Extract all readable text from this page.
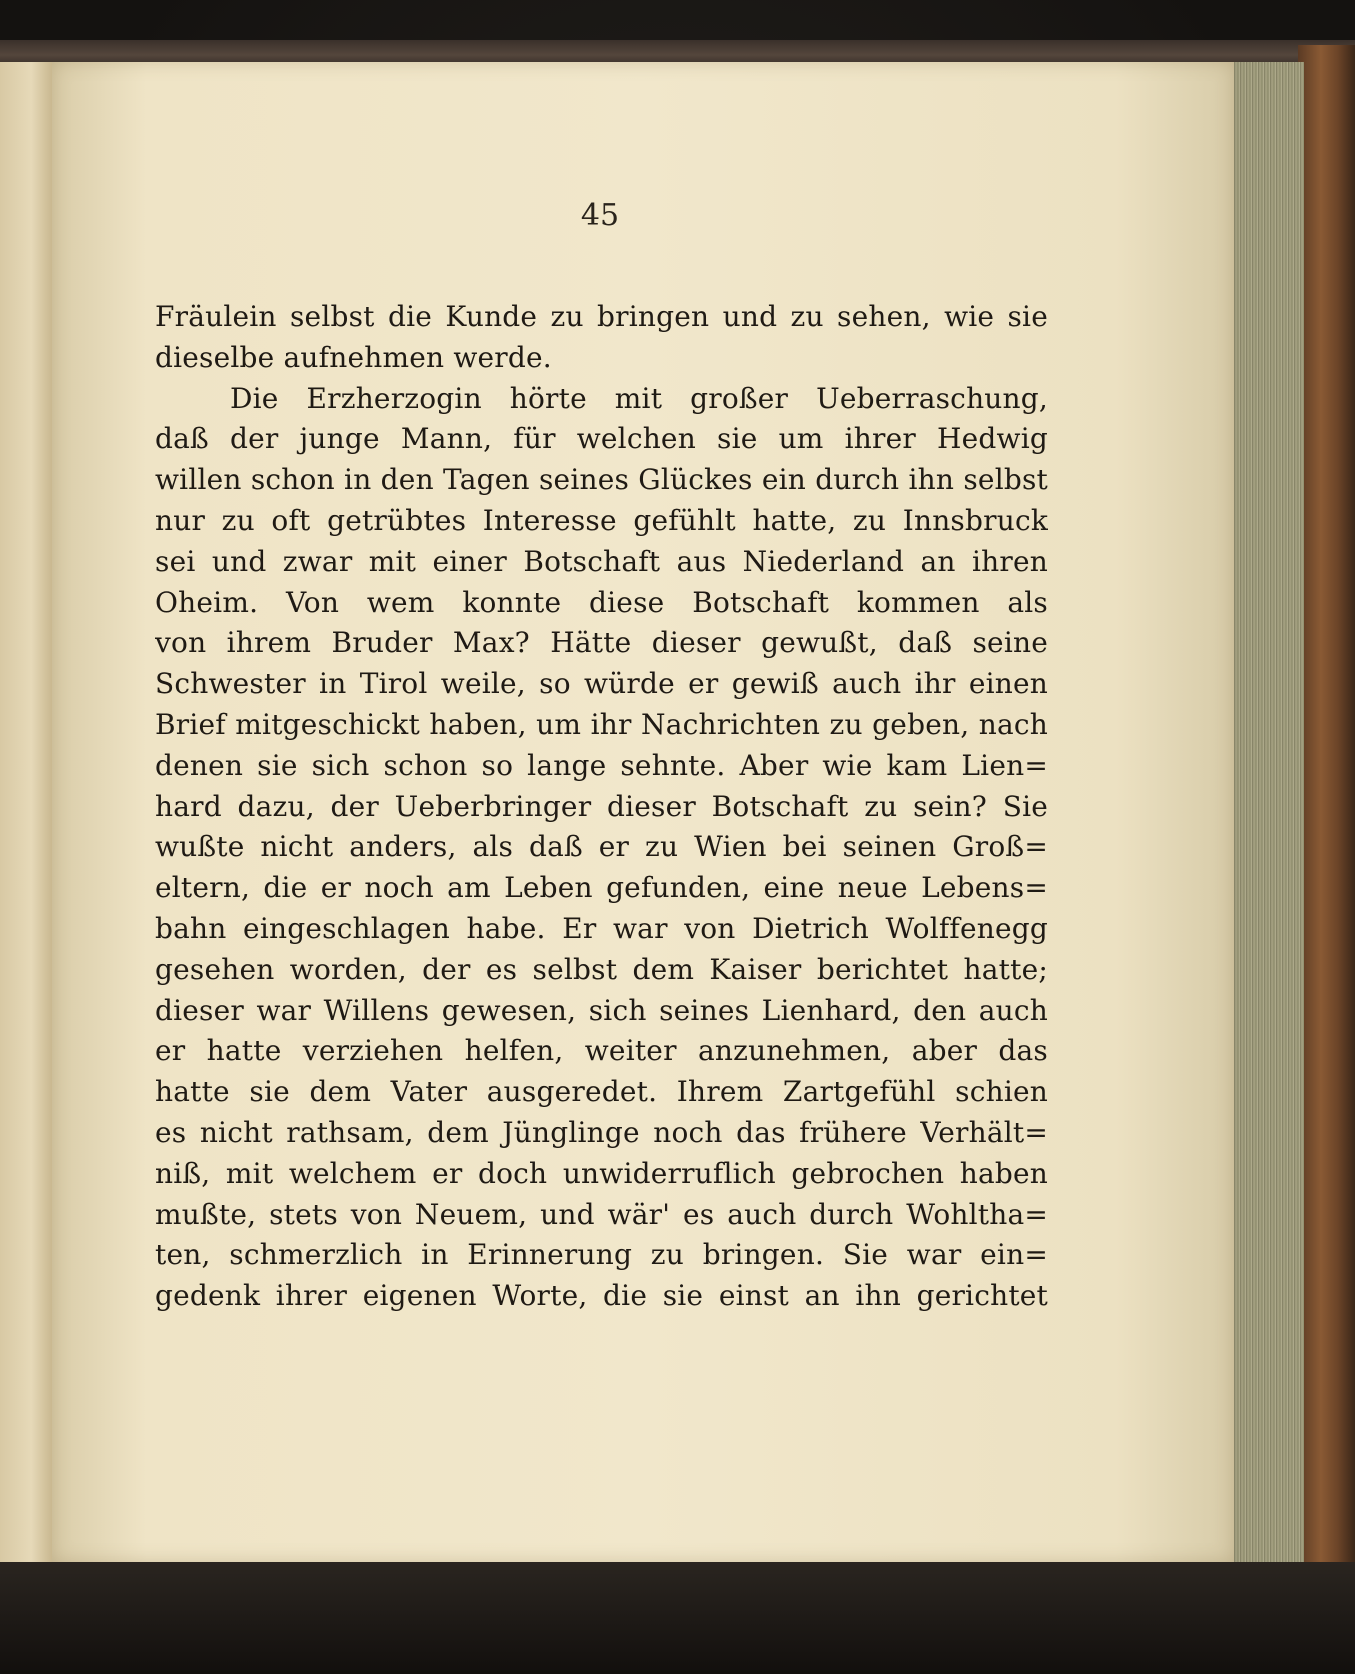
45
Fräulein selbst die Kunde zu bringen und zu sehen, wie sie
dieselbe aufnehmen werde.
Die Erzherzogin hörte mit großer Ueberraschung,
daß der junge Mann, für welchen sie um ihrer Hedwig
willen schon in den Tagen seines Glückes ein durch ihn selbst
nur zu oft getrübtes Interesse gefühlt hatte, zu Innsbruck
sei und zwar mit einer Botschaft aus Niederland an ihren
Oheim. Von wem konnte diese Botschaft kommen als
von ihrem Bruder Max? Hätte dieser gewußt, daß seine
Schwester in Tirol weile, so würde er gewiß auch ihr einen
Brief mitgeschickt haben, um ihr Nachrichten zu geben, nach
denen sie sich schon so lange sehnte. Aber wie kam Lien=
hard dazu, der Ueberbringer dieser Botschaft zu sein? Sie
wußte nicht anders, als daß er zu Wien bei seinen Groß=
eltern, die er noch am Leben gefunden, eine neue Lebens=
bahn eingeschlagen habe. Er war von Dietrich Wolffenegg
gesehen worden, der es selbst dem Kaiser berichtet hatte;
dieser war Willens gewesen, sich seines Lienhard, den auch
er hatte verziehen helfen, weiter anzunehmen, aber das
hatte sie dem Vater ausgeredet. Ihrem Zartgefühl schien
es nicht rathsam, dem Jünglinge noch das frühere Verhält=
niß, mit welchem er doch unwiderruflich gebrochen haben
mußte, stets von Neuem, und wär' es auch durch Wohltha=
ten, schmerzlich in Erinnerung zu bringen. Sie war ein=
gedenk ihrer eigenen Worte, die sie einst an ihn gerichtet
